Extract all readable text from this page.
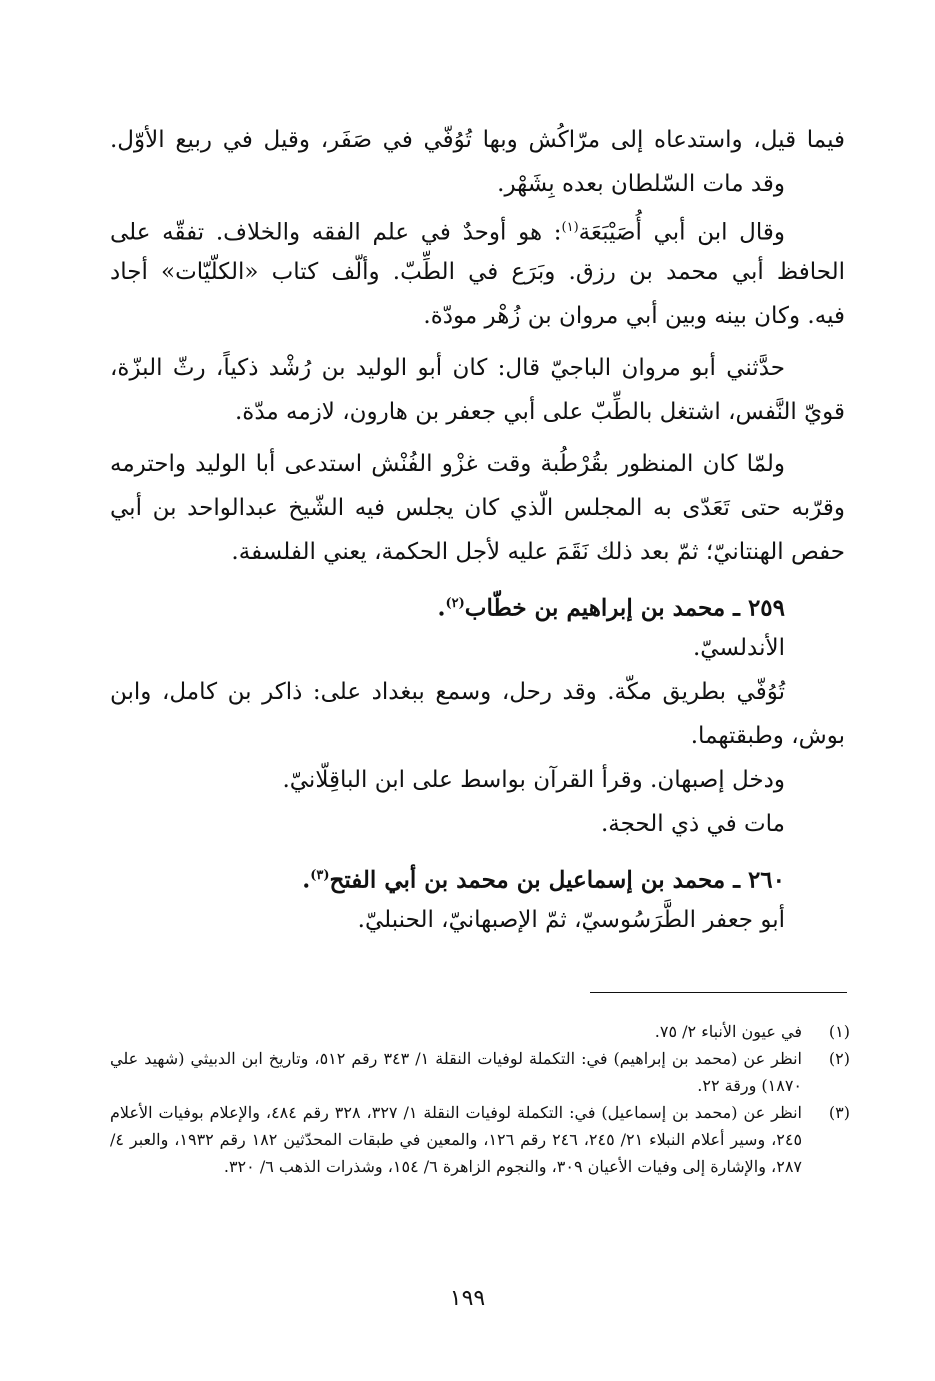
فيما قيل، واستدعاه إلى مرّاكُش وبها تُوُفّي في صَفَر، وقيل في ربيع الأوّل.
وقد مات السّلطان بعده بِشَهْر.
وقال ابن أبي أُصَيْبَعَة$^{(١)}$: هو أوحدٌ في علم الفقه والخلاف. تفقّه على
الحافظ أبي محمد بن رزق. وبَرَع في الطِّبّ. وألّف كتاب «الكلّيّات» أجاد
فيه. وكان بينه وبين أبي مروان بن زُهْر مودّة.
حدَّثني أبو مروان الباجيّ قال: كان أبو الوليد بن رُشْد ذكياً، رثّ البزّة،
قويّ النَّفس، اشتغل بالطِّبّ على أبي جعفر بن هارون، لازمه مدّة.
ولمّا كان المنظور بقُرْطُبة وقت غزْو الفُنْش استدعى أبا الوليد واحترمه
وقرّبه حتى تَعَدّى به المجلس الّذي كان يجلس فيه الشّيخ عبدالواحد بن أبي
حفص الهنتانيّ؛ ثمّ بعد ذلك نَقَمَ عليه لأجل الحكمة، يعني الفلسفة.
٢٥٩ ـ محمد بن إبراهيم بن خطّاب$^{(٢)}$.
الأندلسيّ.
تُوُفّي بطريق مكّة. وقد رحل، وسمع ببغداد على: ذاكر بن كامل، وابن
بوش، وطبقتهما.
ودخل إصبهان. وقرأ القرآن بواسط على ابن الباقِلّانيّ.
مات في ذي الحجة.
٢٦٠ ـ محمد بن إسماعيل بن محمد بن أبي الفتح$^{(٣)}$.
أبو جعفر الطَّرَسُوسيّ، ثمّ الإصبهانيّ، الحنبليّ.
(١)
في عيون الأنباء ٢/ ٧٥.
(٢)
انظر عن (محمد بن إبراهيم) في: التكملة لوفيات النقلة ١/ ٣٤٣ رقم ٥١٢، وتاريخ ابن الدبيثي (شهيد علي ١٨٧٠) ورقة ٢٢.
(٣)
انظر عن (محمد بن إسماعيل) في: التكملة لوفيات النقلة ١/ ٣٢٧، ٣٢٨ رقم ٤٨٤، والإعلام بوفيات الأعلام ٢٤٥، وسير أعلام النبلاء ٢١/ ٢٤٥، ٢٤٦ رقم ١٢٦، والمعين في طبقات المحدّثين ١٨٢ رقم ١٩٣٢، والعبر ٤/ ٢٨٧، والإشارة إلى وفيات الأعيان ٣٠٩، والنجوم الزاهرة ٦/ ١٥٤، وشذرات الذهب ٦/ ٣٢٠.
١٩٩
